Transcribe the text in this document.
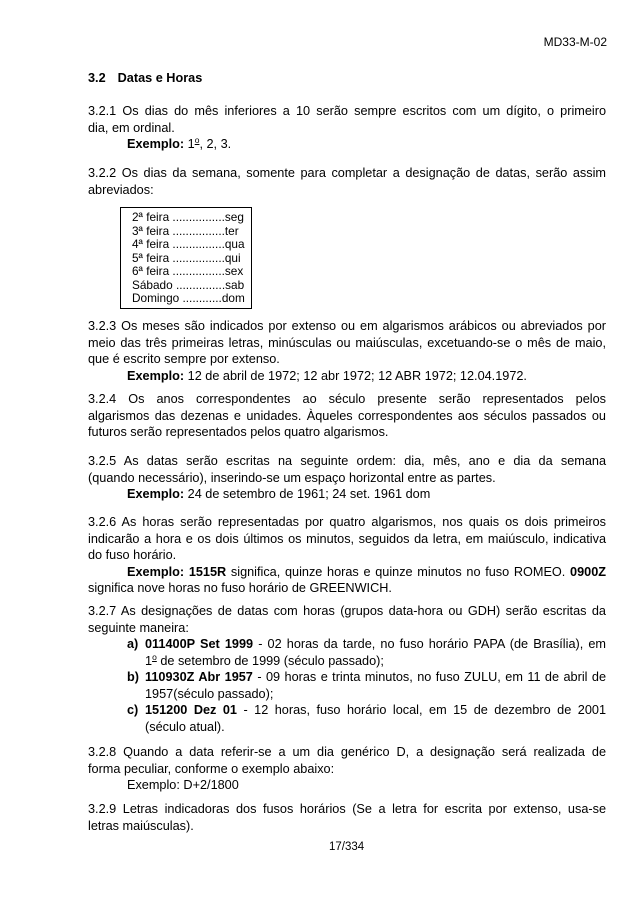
MD33-M-02
3.2 Datas e Horas
3.2.1 Os dias do mês inferiores a 10 serão sempre escritos com um dígito, o primeiro
dia, em ordinal.
Exemplo: 1$^o$, 2, 3.
3.2.2 Os dias da semana, somente para completar a designação de datas, serão assim
abreviados:
2ª feira ................seg
3ª feira ................ter
4ª feira ................qua
5ª feira ................qui
6ª feira ................sex
Sábado ...............sab
Domingo ............dom
3.2.3 Os meses são indicados por extenso ou em algarismos arábicos ou abreviados por
meio das três primeiras letras, minúsculas ou maiúsculas, excetuando-se o mês de maio,
que é escrito sempre por extenso.
Exemplo: 12 de abril de 1972; 12 abr 1972; 12 ABR 1972; 12.04.1972.
3.2.4 Os anos correspondentes ao século presente serão representados pelos
algarismos das dezenas e unidades. Àqueles correspondentes aos séculos passados ou
futuros serão representados pelos quatro algarismos.
3.2.5 As datas serão escritas na seguinte ordem: dia, mês, ano e dia da semana
(quando necessário), inserindo-se um espaço horizontal entre as partes.
Exemplo: 24 de setembro de 1961; 24 set. 1961 dom
3.2.6 As horas serão representadas por quatro algarismos, nos quais os dois primeiros
indicarão a hora e os dois últimos os minutos, seguidos da letra, em maiúsculo, indicativa
do fuso horário.
Exemplo: 1515R significa, quinze horas e quinze minutos no fuso ROMEO. 0900Z
significa nove horas no fuso horário de GREENWICH.
3.2.7 As designações de datas com horas (grupos data-hora ou GDH) serão escritas da
seguinte maneira:
a) 011400P Set 1999 - 02 horas da tarde, no fuso horário PAPA (de Brasília), em
1$^o$ de setembro de 1999 (século passado);
b) 110930Z Abr 1957 - 09 horas e trinta minutos, no fuso ZULU, em 11 de abril de
1957(século passado);
c) 151200 Dez 01 - 12 horas, fuso horário local, em 15 de dezembro de 2001
(século atual).
3.2.8 Quando a data referir-se a um dia genérico D, a designação será realizada de
forma peculiar, conforme o exemplo abaixo:
Exemplo: D+2/1800
3.2.9 Letras indicadoras dos fusos horários (Se a letra for escrita por extenso, usa-se
letras maiúsculas).
17/334
